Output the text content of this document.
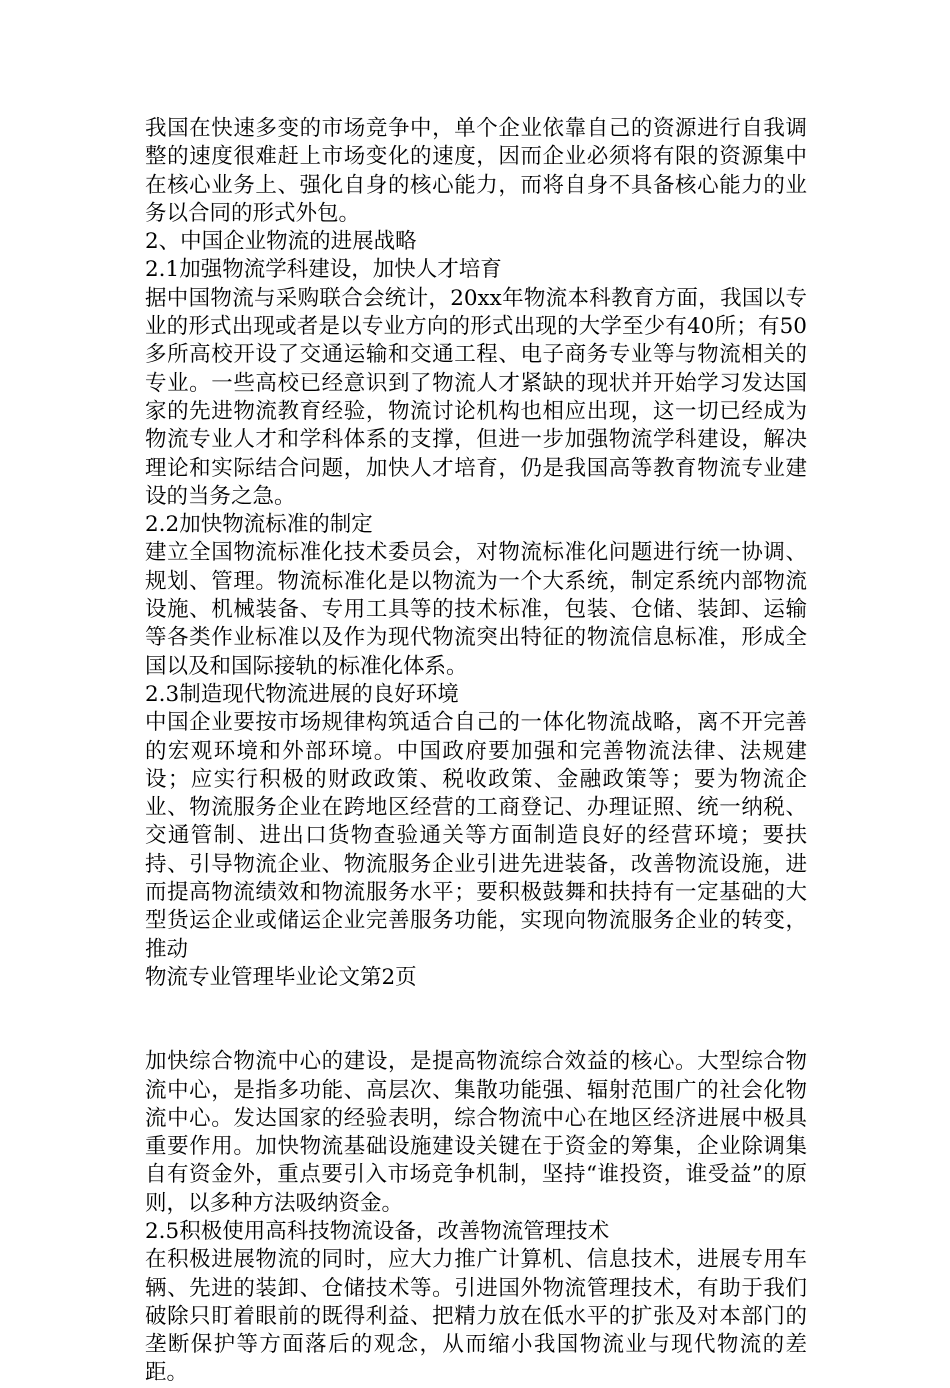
我国在快速多变的市场竞争中，单个企业依靠自己的资源进行自我调整的速度很难赶上市场变化的速度，因而企业必须将有限的资源集中在核心业务上、强化自身的核心能力，而将自身不具备核心能力的业务以合同的形式外包。

2、中国企业物流的进展战略

2.1加强物流学科建设，加快人才培育

据中国物流与采购联合会统计，20xx年物流本科教育方面，我国以专业的形式出现或者是以专业方向的形式出现的大学至少有40所；有50多所高校开设了交通运输和交通工程、电子商务专业等与物流相关的专业。一些高校已经意识到了物流人才紧缺的现状并开始学习发达国家的先进物流教育经验，物流讨论机构也相应出现，这一切已经成为物流专业人才和学科体系的支撑，但进一步加强物流学科建设，解决理论和实际结合问题，加快人才培育，仍是我国高等教育物流专业建设的当务之急。

2.2加快物流标准的制定

建立全国物流标准化技术委员会，对物流标准化问题进行统一协调、规划、管理。物流标准化是以物流为一个大系统，制定系统内部物流设施、机械装备、专用工具等的技术标准，包装、仓储、装卸、运输等各类作业标准以及作为现代物流突出特征的物流信息标准，形成全国以及和国际接轨的标准化体系。

2.3制造现代物流进展的良好环境

中国企业要按市场规律构筑适合自己的一体化物流战略，离不开完善的宏观环境和外部环境。中国政府要加强和完善物流法律、法规建设；应实行积极的财政政策、税收政策、金融政策等；要为物流企业、物流服务企业在跨地区经营的工商登记、办理证照、统一纳税、交通管制、进出口货物查验通关等方面制造良好的经营环境；要扶持、引导物流企业、物流服务企业引进先进装备，改善物流设施，进而提高物流绩效和物流服务水平；要积极鼓舞和扶持有一定基础的大型货运企业或储运企业完善服务功能，实现向物流服务企业的转变，推动

物流专业管理毕业论文第2页

加快综合物流中心的建设，是提高物流综合效益的核心。大型综合物流中心，是指多功能、高层次、集散功能强、辐射范围广的社会化物流中心。发达国家的经验表明，综合物流中心在地区经济进展中极具重要作用。加快物流基础设施建设关键在于资金的筹集，企业除调集自有资金外，重点要引入市场竞争机制，坚持“谁投资，谁受益”的原则，以多种方法吸纳资金。

2.5积极使用高科技物流设备，改善物流管理技术

在积极进展物流的同时，应大力推广计算机、信息技术，进展专用车辆、先进的装卸、仓储技术等。引进国外物流管理技术，有助于我们破除只盯着眼前的既得利益、把精力放在低水平的扩张及对本部门的垄断保护等方面落后的观念，从而缩小我国物流业与现代物流的差距。
